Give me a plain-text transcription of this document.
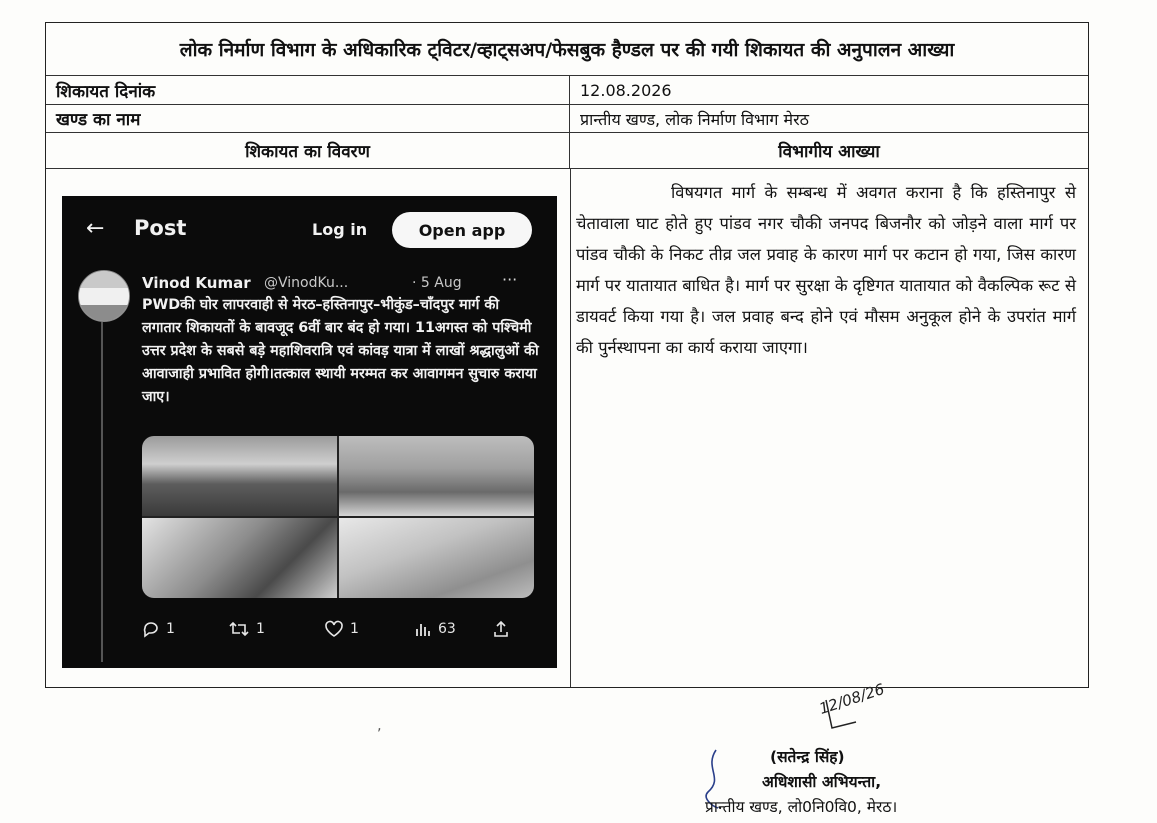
लोक निर्माण विभाग के अधिकारिक ट्विटर/व्हाट्सअप/फेसबुक हैण्डल पर की गयी शिकायत की अनुपालन आख्या
शिकायत दिनांक	12.08.2026
खण्ड का नाम	प्रान्तीय खण्ड, लोक निर्माण विभाग मेरठ
शिकायत का विवरण	विभागीय आख्या

विषयगत मार्ग के सम्बन्ध में अवगत कराना है कि हस्तिनापुर से चेतावाला घाट होते हुए पांडव नगर चौकी जनपद बिजनौर को जोड़ने वाला मार्ग पर पांडव चौकी के निकट तीव्र जल प्रवाह के कारण मार्ग पर कटान हो गया, जिस कारण मार्ग पर यातायात बाधित है। मार्ग पर सुरक्षा के दृष्टिगत यातायात को वैकल्पिक रूट से डायवर्ट किया गया है। जल प्रवाह बन्द होने एवं मौसम अनुकूल होने के उपरांत मार्ग की पुर्नस्थापना का कार्य कराया जाएगा।

← Post	Log in	Open app
Vinod Kumar @VinodKu...	· 5 Aug	···

PWDकी घोर लापरवाही से मेरठ–हस्तिनापुर–भीकुंड–चाँदपुर मार्ग की लगातार शिकायतों के बावजूद 6वीं बार बंद हो गया। 11अगस्त को पश्चिमी उत्तर प्रदेश के सबसे बड़े महाशिवरात्रि एवं कांवड़ यात्रा में लाखों श्रद्धालुओं की आवाजाही प्रभावित होगी।तत्काल स्थायी मरम्मत कर आवागमन सुचारु कराया जाए।

1	1	1	63
‚
12/08/26
(सतेन्द्र सिंह)
अधिशासी अभियन्ता,
प्रान्तीय खण्ड, लो0नि0वि0, मेरठ।
